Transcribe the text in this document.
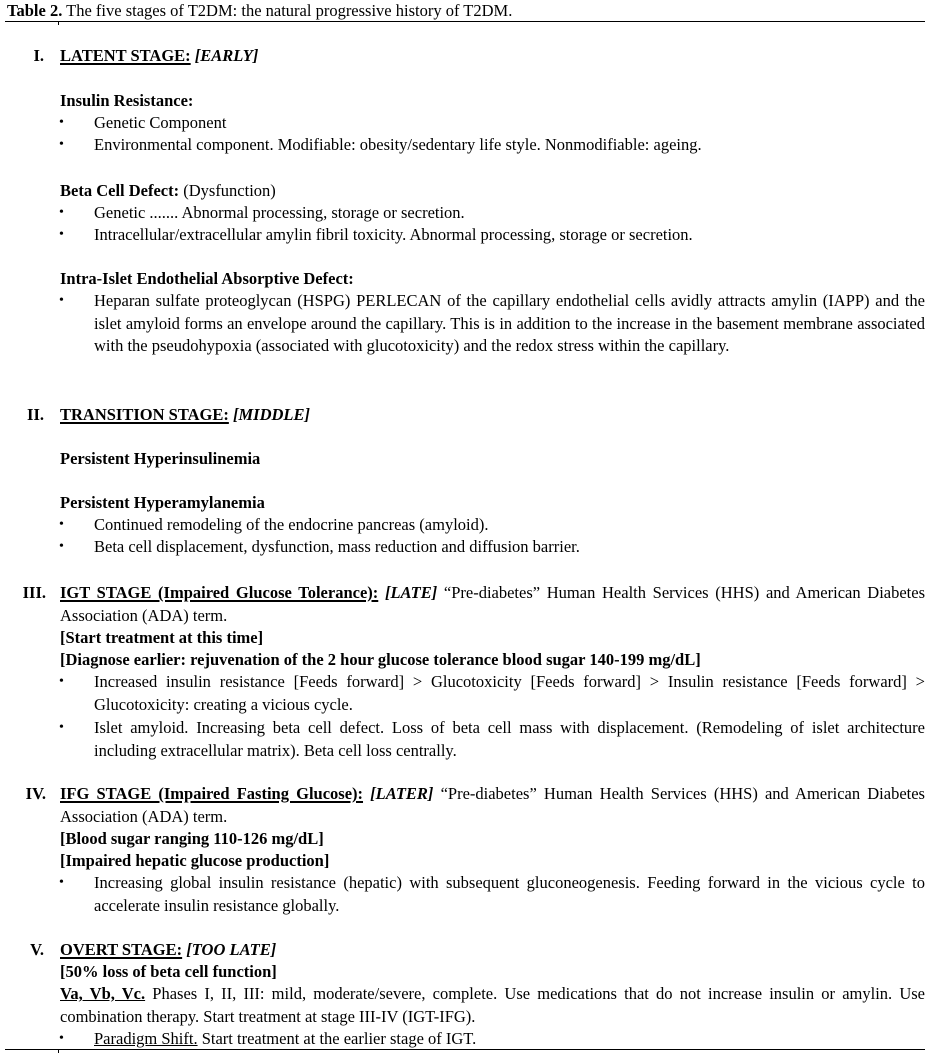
Table 2. The five stages of T2DM: the natural progressive history of T2DM.
I. LATENT STAGE: [EARLY]
Insulin Resistance:
• Genetic Component
• Environmental component. Modifiable: obesity/sedentary life style. Nonmodifiable: ageing.
Beta Cell Defect: (Dysfunction)
• Genetic ....... Abnormal processing, storage or secretion.
• Intracellular/extracellular amylin fibril toxicity. Abnormal processing, storage or secretion.
Intra-Islet Endothelial Absorptive Defect:
• Heparan sulfate proteoglycan (HSPG) PERLECAN of the capillary endothelial cells avidly attracts amylin (IAPP) and the islet amyloid forms an envelope around the capillary. This is in addition to the increase in the basement membrane associated with the pseudohypoxia (associated with glucotoxicity) and the redox stress within the capillary.
II. TRANSITION STAGE: [MIDDLE]
Persistent Hyperinsulinemia
Persistent Hyperamylanemia
• Continued remodeling of the endocrine pancreas (amyloid).
• Beta cell displacement, dysfunction, mass reduction and diffusion barrier.
III. IGT STAGE (Impaired Glucose Tolerance): [LATE] “Pre-diabetes” Human Health Services (HHS) and American Diabetes Association (ADA) term.
[Start treatment at this time]
[Diagnose earlier: rejuvenation of the 2 hour glucose tolerance blood sugar 140-199 mg/dL]
• Increased insulin resistance [Feeds forward] > Glucotoxicity [Feeds forward] > Insulin resistance [Feeds forward] > Glucotoxicity: creating a vicious cycle.
• Islet amyloid. Increasing beta cell defect. Loss of beta cell mass with displacement. (Remodeling of islet architecture including extracellular matrix). Beta cell loss centrally.
IV. IFG STAGE (Impaired Fasting Glucose): [LATER] “Pre-diabetes” Human Health Services (HHS) and American Diabetes Association (ADA) term.
[Blood sugar ranging 110-126 mg/dL]
[Impaired hepatic glucose production]
• Increasing global insulin resistance (hepatic) with subsequent gluconeogenesis. Feeding forward in the vicious cycle to accelerate insulin resistance globally.
V. OVERT STAGE: [TOO LATE]
[50% loss of beta cell function]
Va, Vb, Vc. Phases I, II, III: mild, moderate/severe, complete. Use medications that do not increase insulin or amylin. Use combination therapy. Start treatment at stage III-IV (IGT-IFG).
• Paradigm Shift. Start treatment at the earlier stage of IGT.
